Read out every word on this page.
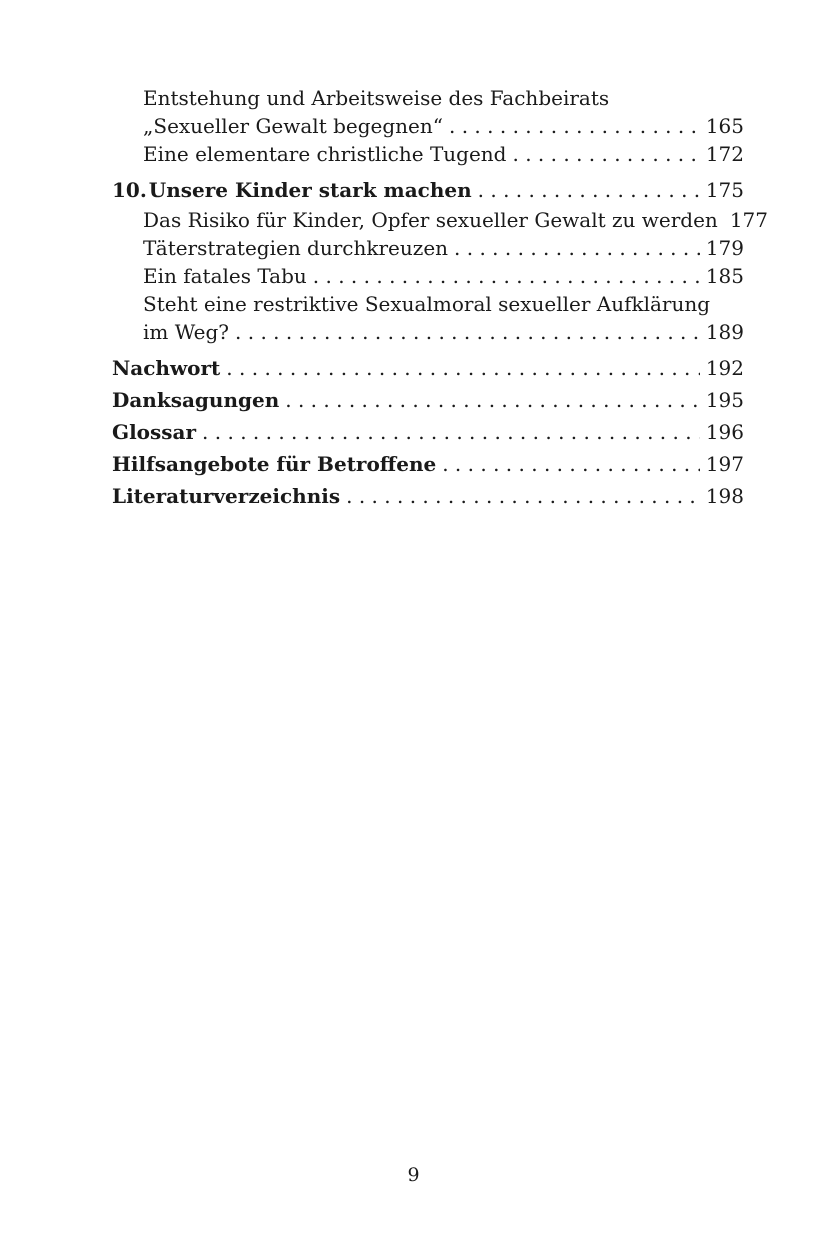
Entstehung und Arbeitsweise des Fachbeirats
„Sexueller Gewalt begegnen“ . . .	165
Eine elementare christliche Tugend . . .	172
10. Unsere Kinder stark machen . . .	175
Das Risiko für Kinder, Opfer sexueller Gewalt zu werden . . . 177
Täterstrategien durchkreuzen . . .	179
Ein fatales Tabu . . .	185
Steht eine restriktive Sexualmoral sexueller Aufklärung
im Weg? . . .	189
Nachwort . . .	192
Danksagungen . . .	195
Glossar . . .	196
Hilfsangebote für Betroffene . . .	197
Literaturverzeichnis . . .	198
9
